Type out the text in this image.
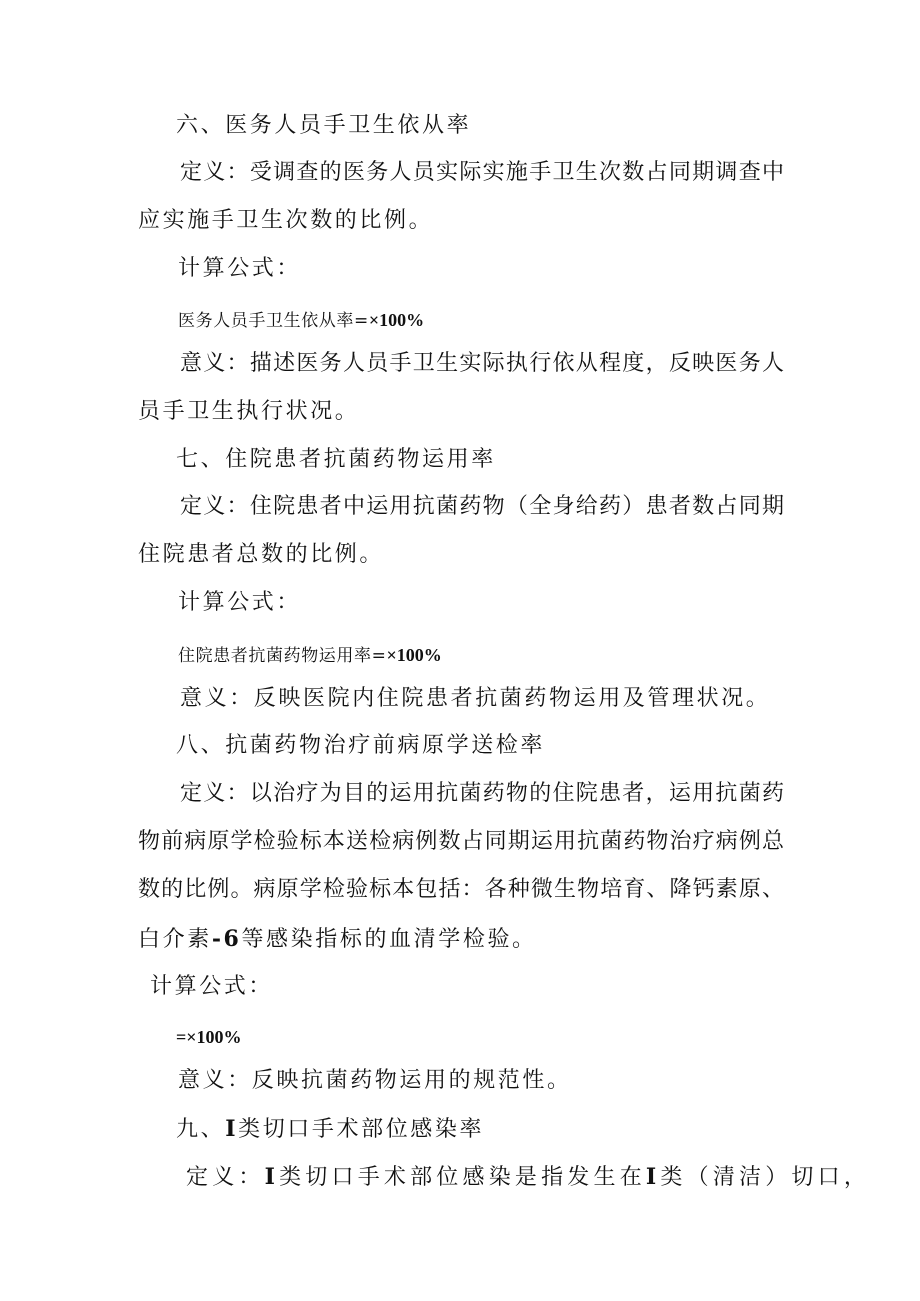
六、医务人员手卫生依从率
定义：受调查的医务人员实际实施手卫生次数占同期调查中
应实施手卫生次数的比例。
计算公式：
医务人员手卫生依从率=×100%
意义：描述医务人员手卫生实际执行依从程度，反映医务人
员手卫生执行状况。
七、住院患者抗菌药物运用率
定义：住院患者中运用抗菌药物（全身给药）患者数占同期
住院患者总数的比例。
计算公式：
住院患者抗菌药物运用率=×100%
意义：反映医院内住院患者抗菌药物运用及管理状况。
八、抗菌药物治疗前病原学送检率
定义：以治疗为目的运用抗菌药物的住院患者，运用抗菌药
物前病原学检验标本送检病例数占同期运用抗菌药物治疗病例总
数的比例。病原学检验标本包括：各种微生物培育、降钙素原、
白介素-6等感染指标的血清学检验。
计算公式：
=×100%
意义：反映抗菌药物运用的规范性。
九、I类切口手术部位感染率
定义：I类切口手术部位感染是指发生在I类（清洁）切口，
